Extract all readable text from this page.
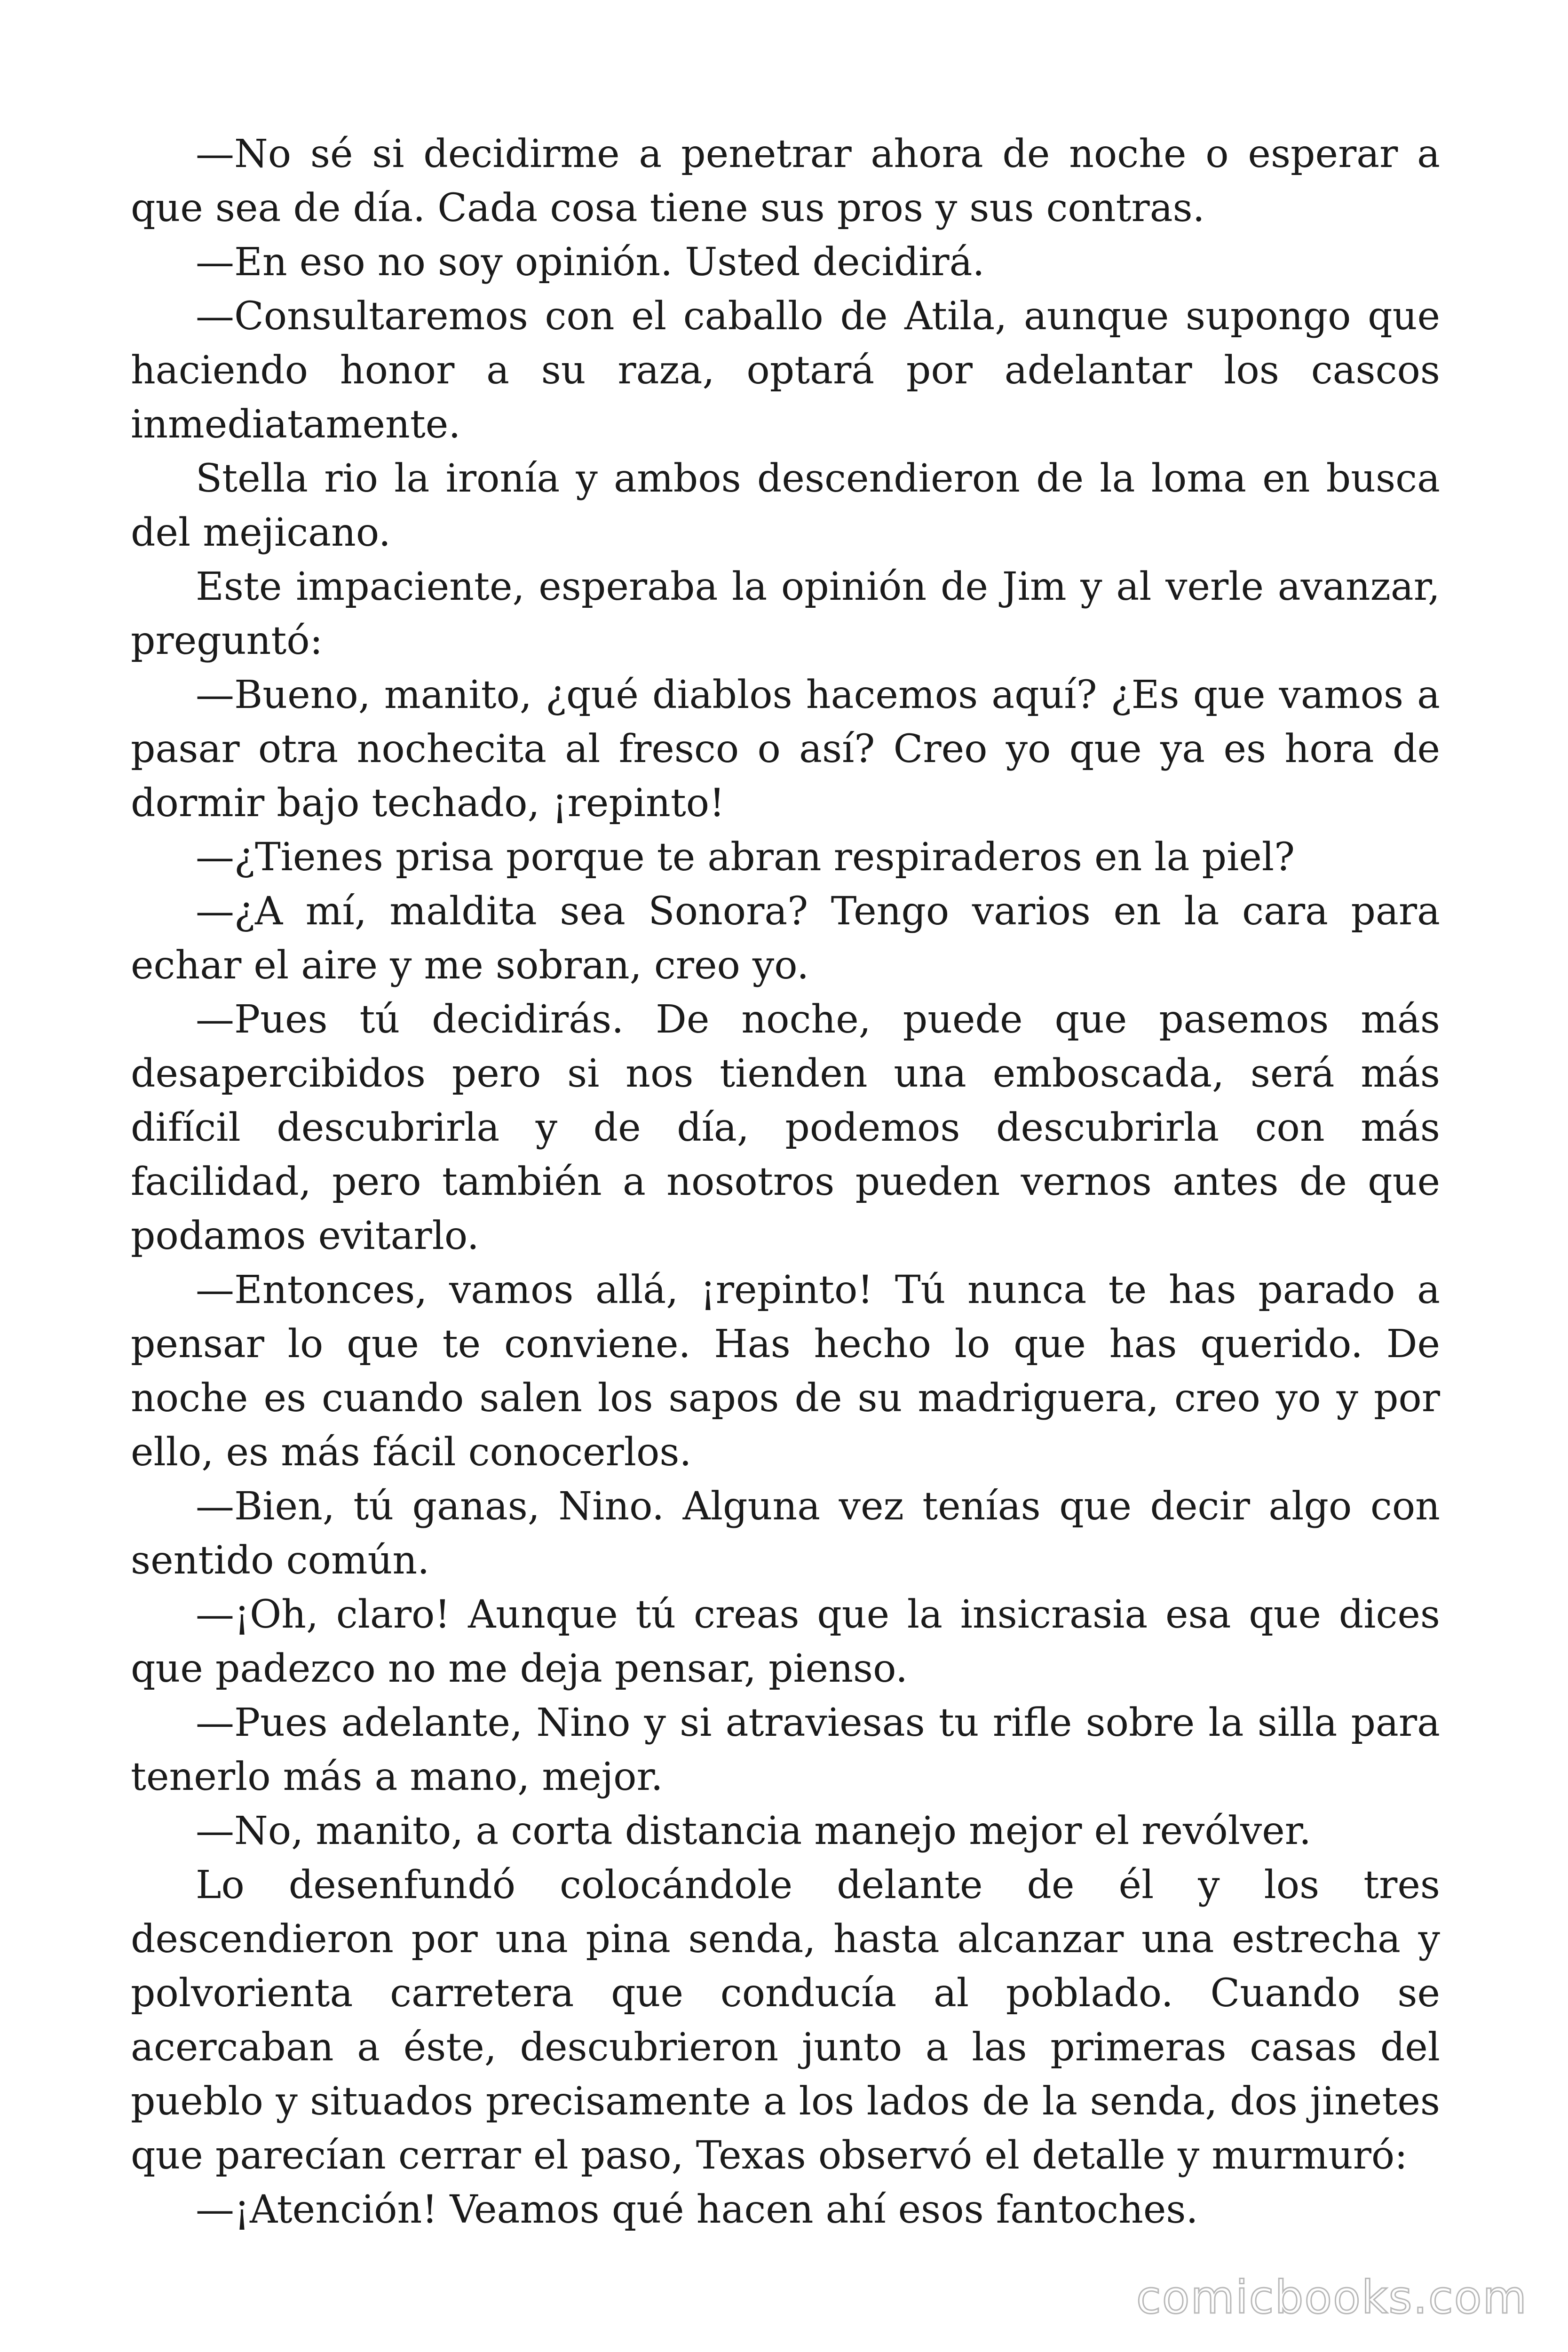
—No sé si decidirme a penetrar ahora de noche o esperar a que sea de día. Cada cosa tiene sus pros y sus contras.

—En eso no soy opinión. Usted decidirá.

—Consultaremos con el caballo de Atila, aunque supongo que haciendo honor a su raza, optará por adelantar los cascos inmediatamente.

Stella rio la ironía y ambos descendieron de la loma en busca del mejicano.

Este impaciente, esperaba la opinión de Jim y al verle avanzar, preguntó:

—Bueno, manito, ¿qué diablos hacemos aquí? ¿Es que vamos a pasar otra nochecita al fresco o así? Creo yo que ya es hora de dormir bajo techado, ¡repinto!

—¿Tienes prisa porque te abran respiraderos en la piel?

—¿A mí, maldita sea Sonora? Tengo varios en la cara para echar el aire y me sobran, creo yo.

—Pues tú decidirás. De noche, puede que pasemos más desapercibidos pero si nos tienden una emboscada, será más difícil descubrirla y de día, podemos descubrirla con más facilidad, pero también a nosotros pueden vernos antes de que podamos evitarlo.

—Entonces, vamos allá, ¡repinto! Tú nunca te has parado a pensar lo que te conviene. Has hecho lo que has querido. De noche es cuando salen los sapos de su madriguera, creo yo y por ello, es más fácil conocerlos.

—Bien, tú ganas, Nino. Alguna vez tenías que decir algo con sentido común.

—¡Oh, claro! Aunque tú creas que la insicrasia esa que dices que padezco no me deja pensar, pienso.

—Pues adelante, Nino y si atraviesas tu rifle sobre la silla para tenerlo más a mano, mejor.

—No, manito, a corta distancia manejo mejor el revólver.

Lo desenfundó colocándole delante de él y los tres descendieron por una pina senda, hasta alcanzar una estrecha y polvorienta carretera que conducía al poblado. Cuando se acercaban a éste, descubrieron junto a las primeras casas del pueblo y situados precisamente a los lados de la senda, dos jinetes que parecían cerrar el paso, Texas observó el detalle y murmuró:

—¡Atención! Veamos qué hacen ahí esos fantoches.

comicbooks.com
